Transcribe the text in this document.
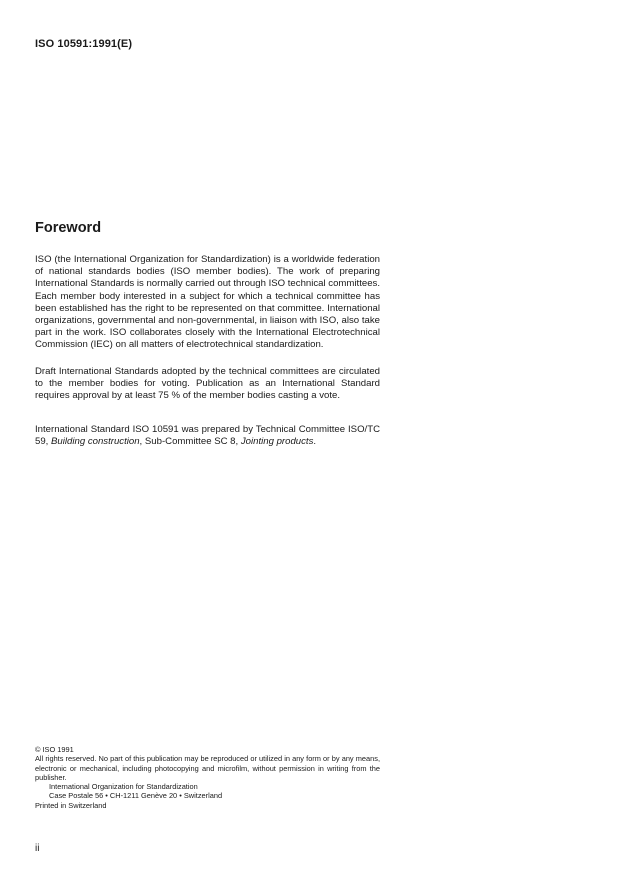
ISO 10591:1991(E)
Foreword

ISO (the International Organization for Standardization) is a worldwide federation of national standards bodies (ISO member bodies). The work of preparing International Standards is normally carried out through ISO technical committees. Each member body interested in a subject for which a technical committee has been established has the right to be represented on that committee. International organizations, governmental and non-governmental, in liaison with ISO, also take part in the work. ISO collaborates closely with the International Electrotechnical Commission (IEC) on all matters of electrotechnical standardization.

Draft International Standards adopted by the technical committees are circulated to the member bodies for voting. Publication as an International Standard requires approval by at least 75 % of the member bodies casting a vote.

International Standard ISO 10591 was prepared by Technical Committee ISO/TC 59, Building construction, Sub-Committee SC 8, Jointing products.

© ISO 1991

All rights reserved. No part of this publication may be reproduced or utilized in any form or by any means, electronic or mechanical, including photocopying and microfilm, without permission in writing from the publisher.

International Organization for Standardization

Case Postale 56 • CH-1211 Genève 20 • Switzerland

Printed in Switzerland

ii
